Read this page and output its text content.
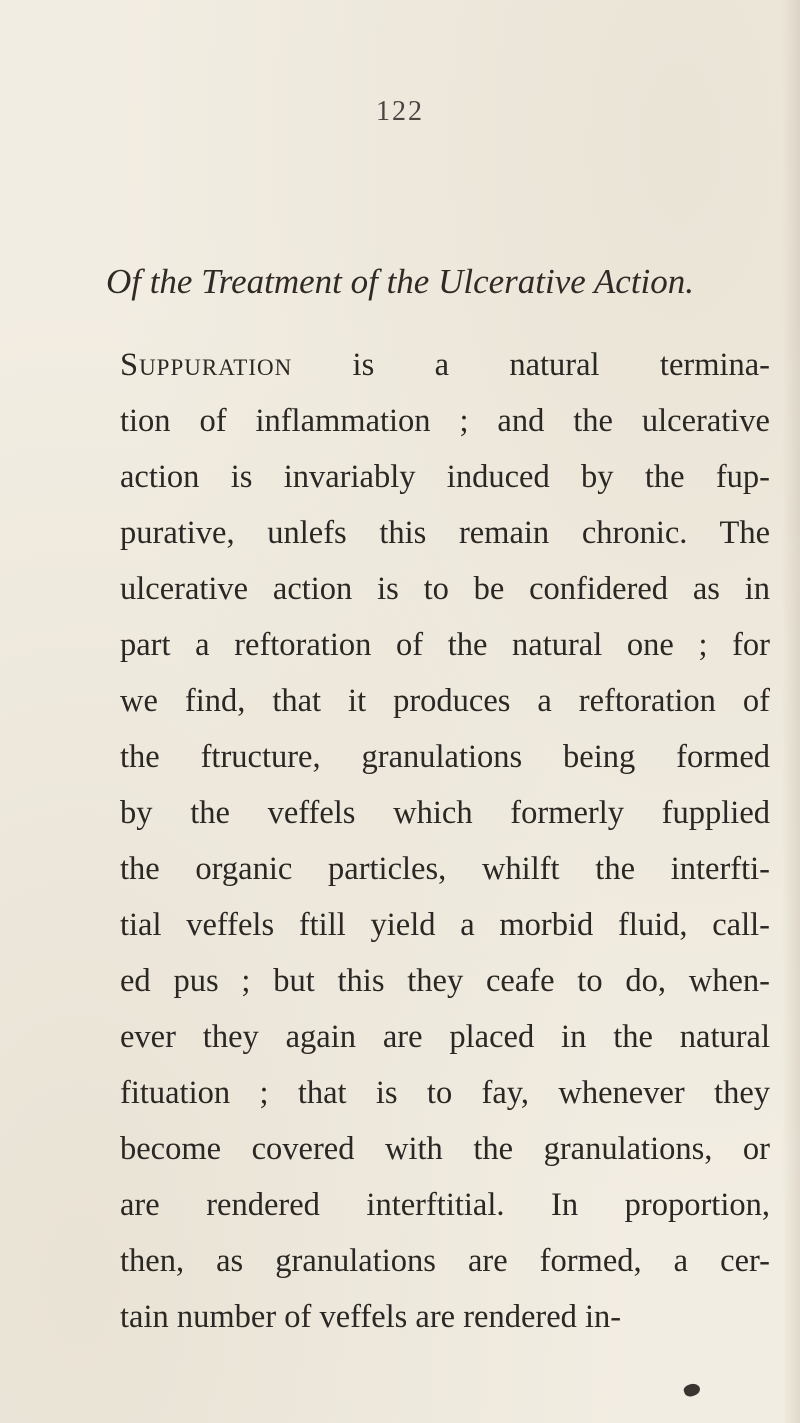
122
Of the Treatment of the Ulcerative Action.
Suppuration is a natural termina-
tion of inflammation ; and the ulcerative
action is invariably induced by the fup-
purative, unlefs this remain chronic. The
ulcerative action is to be confidered as in
part a reftoration of the natural one ; for
we find, that it produces a reftoration of
the ftructure, granulations being formed
by the veffels which formerly fupplied
the organic particles, whilft the interfti-
tial veffels ftill yield a morbid fluid, call-
ed pus ; but this they ceafe to do, when-
ever they again are placed in the natural
fituation ; that is to fay, whenever they
become covered with the granulations, or
are rendered interftitial. In proportion,
then, as granulations are formed, a cer-
tain number of veffels are rendered in-
